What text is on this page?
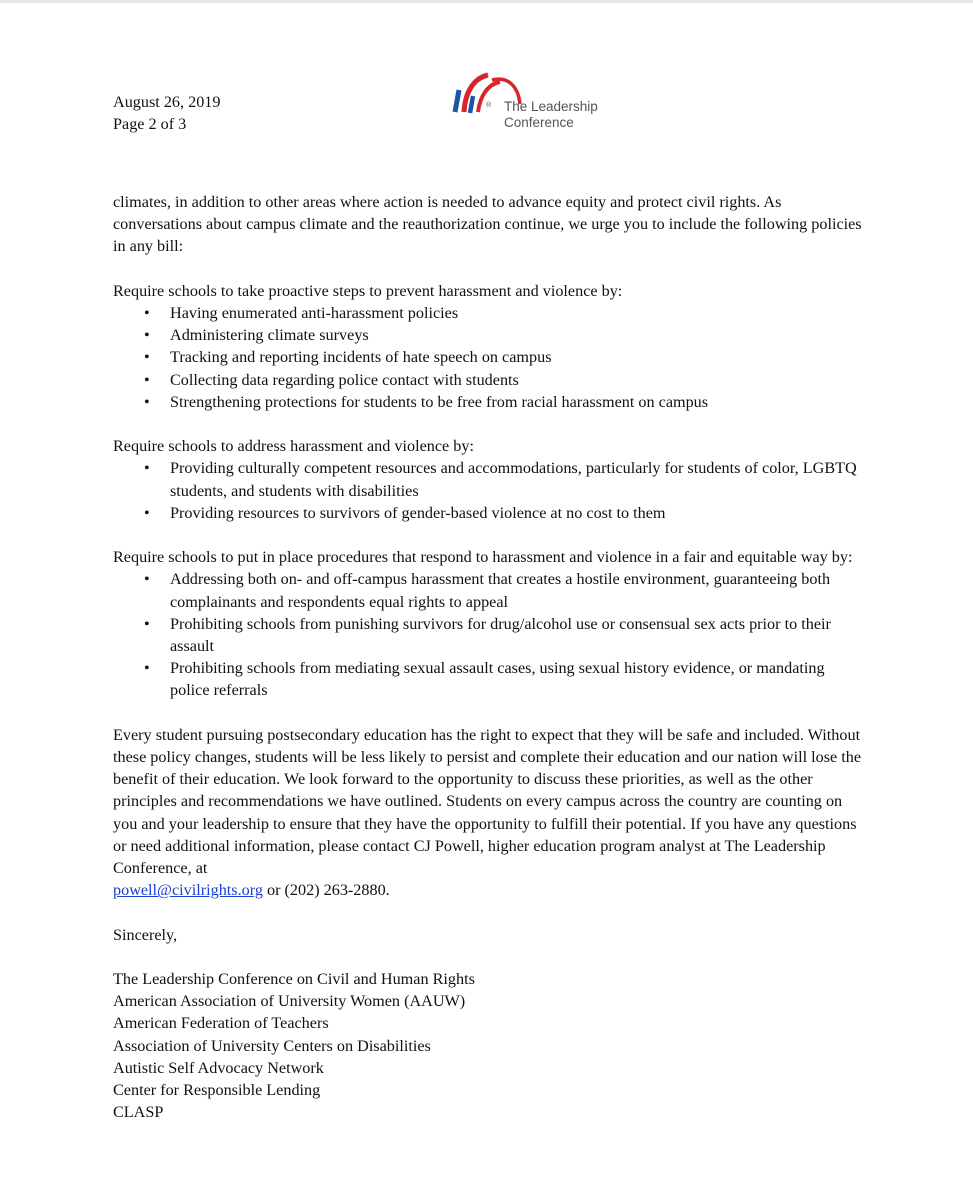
August 26, 2019
Page 2 of 3
® The Leadership
Conference

climates, in addition to other areas where action is needed to advance equity and protect civil rights. As conversations about campus climate and the reauthorization continue, we urge you to include the following policies in any bill:

Require schools to take proactive steps to prevent harassment and violence by:

• Having enumerated anti-harassment policies
• Administering climate surveys
• Tracking and reporting incidents of hate speech on campus
• Collecting data regarding police contact with students
• Strengthening protections for students to be free from racial harassment on campus

Require schools to address harassment and violence by:

• Providing culturally competent resources and accommodations, particularly for students of color, LGBTQ students, and students with disabilities
• Providing resources to survivors of gender-based violence at no cost to them

Require schools to put in place procedures that respond to harassment and violence in a fair and equitable way by:

• Addressing both on- and off-campus harassment that creates a hostile environment, guaranteeing both complainants and respondents equal rights to appeal
• Prohibiting schools from punishing survivors for drug/alcohol use or consensual sex acts prior to their assault
• Prohibiting schools from mediating sexual assault cases, using sexual history evidence, or mandating police referrals

Every student pursuing postsecondary education has the right to expect that they will be safe and included. Without these policy changes, students will be less likely to persist and complete their education and our nation will lose the benefit of their education. We look forward to the opportunity to discuss these priorities, as well as the other principles and recommendations we have outlined. Students on every campus across the country are counting on you and your leadership to ensure that they have the opportunity to fulfill their potential. If you have any questions or need additional information, please contact CJ Powell, higher education program analyst at The Leadership Conference, at
powell@civilrights.org or (202) 263-2880.

Sincerely,

The Leadership Conference on Civil and Human Rights

American Association of University Women (AAUW)

American Federation of Teachers

Association of University Centers on Disabilities

Autistic Self Advocacy Network

Center for Responsible Lending

CLASP
